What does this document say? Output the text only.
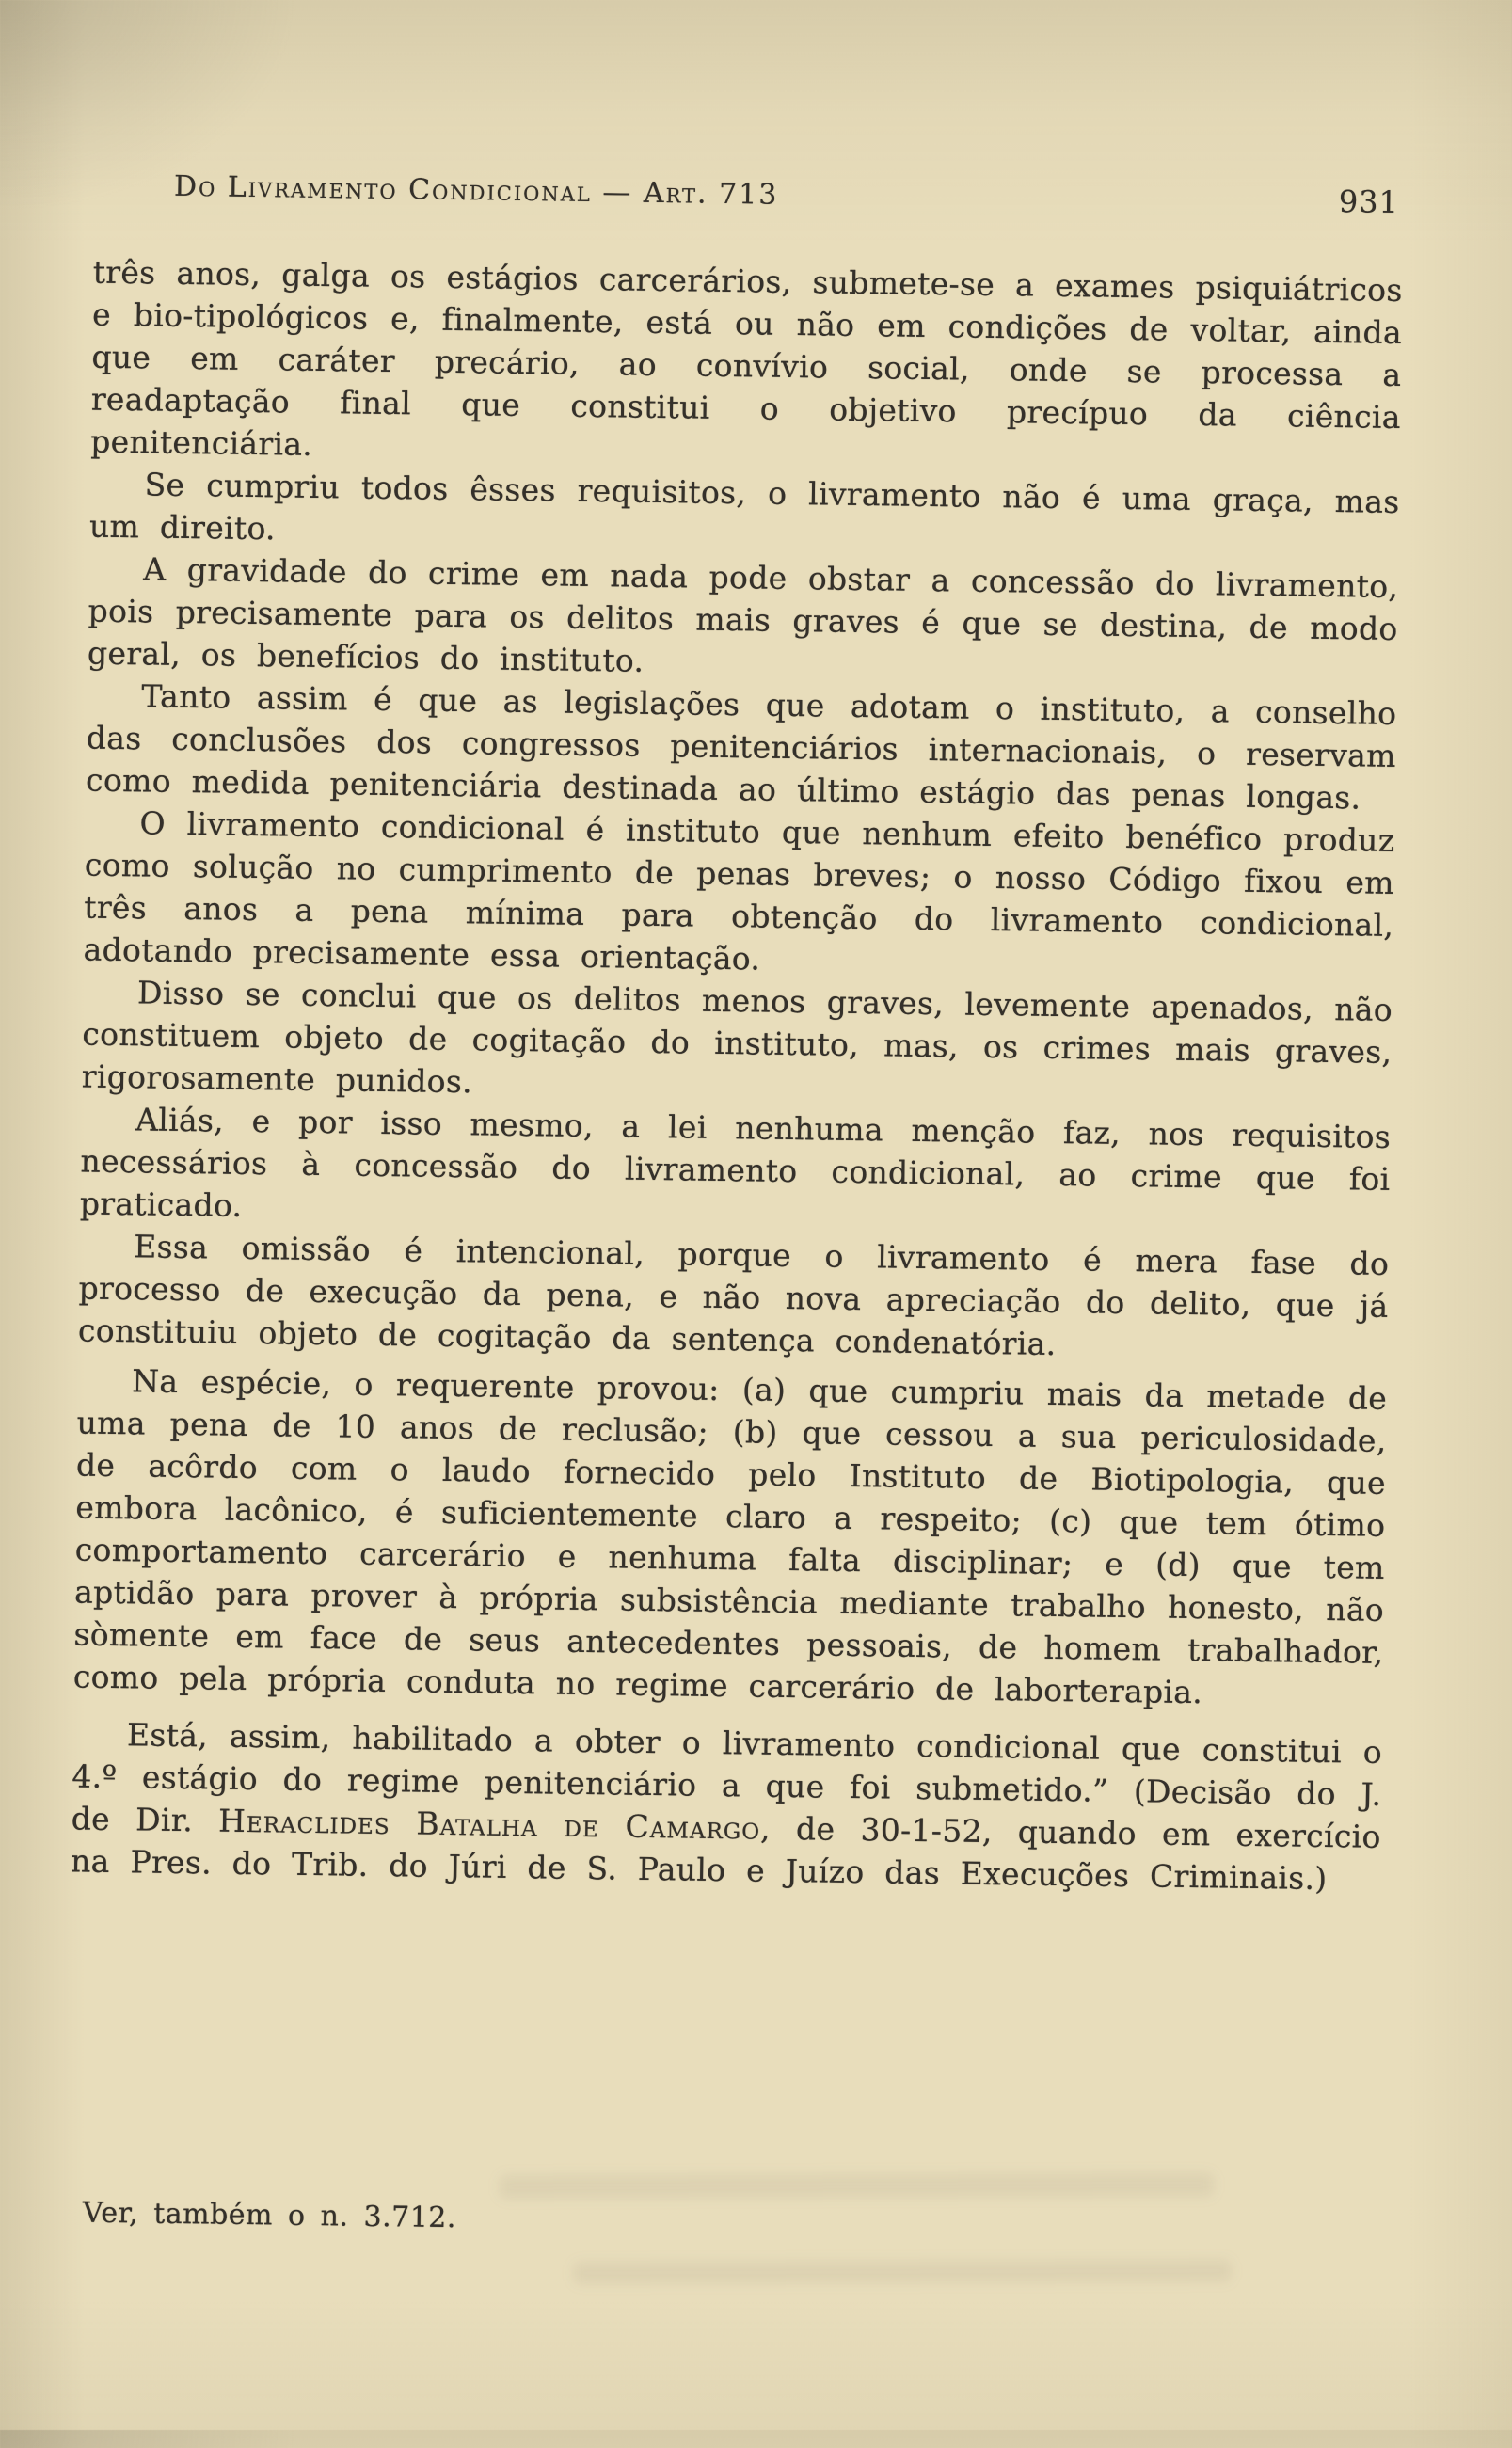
Do Livramento Condicional — Art. 713	931

três anos, galga os estágios carcerários, submete-se a exames psiquiátricos e bio-tipológicos e, finalmente, está ou não em condições de voltar, ainda que em caráter precário, ao convívio social, onde se processa a readaptação final que constitui o objetivo precípuo da ciência penitenciária.

Se cumpriu todos êsses requisitos, o livramento não é uma graça, mas um direito.

A gravidade do crime em nada pode obstar a concessão do livramento, pois precisamente para os delitos mais graves é que se destina, de modo geral, os benefícios do instituto.

Tanto assim é que as legislações que adotam o instituto, a conselho das conclusões dos congressos penitenciários internacionais, o reservam como medida penitenciária destinada ao último estágio das penas longas.

O livramento condicional é instituto que nenhum efeito benéfico produz como solução no cumprimento de penas breves; o nosso Código fixou em três anos a pena mínima para obtenção do livramento condicional, adotando precisamente essa orientação.

Disso se conclui que os delitos menos graves, levemente apenados, não constituem objeto de cogitação do instituto, mas, os crimes mais graves, rigorosamente punidos.

Aliás, e por isso mesmo, a lei nenhuma menção faz, nos requisitos necessários à concessão do livramento condicional, ao crime que foi praticado.

Essa omissão é intencional, porque o livramento é mera fase do processo de execução da pena, e não nova apreciação do delito, que já constituiu objeto de cogitação da sentença condenatória.

Na espécie, o requerente provou: (a) que cumpriu mais da metade de uma pena de 10 anos de reclusão; (b) que cessou a sua periculosidade, de acôrdo com o laudo fornecido pelo Instituto de Biotipologia, que embora lacônico, é suficientemente claro a respeito; (c) que tem ótimo comportamento carcerário e nenhuma falta disciplinar; e (d) que tem aptidão para prover à própria subsistência mediante trabalho honesto, não sòmente em face de seus antecedentes pessoais, de homem trabalhador, como pela própria conduta no regime carcerário de laborterapia.

Está, assim, habilitado a obter o livramento condicional que constitui o 4.º estágio do regime penitenciário a que foi submetido.” (Decisão do J. de Dir. Heraclides Batalha de Camargo, de 30-1-52, quando em exercício na Pres. do Trib. do Júri de S. Paulo e Juízo das Execuções Criminais.)

Ver, também o n. 3.712.
